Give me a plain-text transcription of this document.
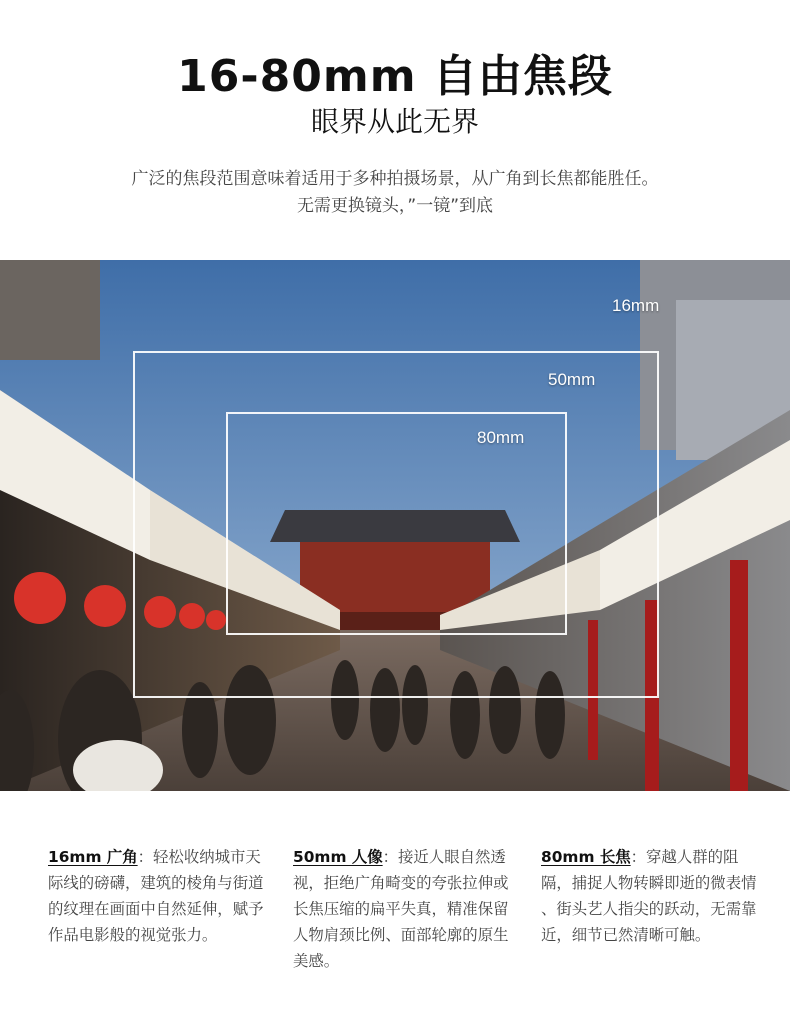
16-80mm 自由焦段
眼界从此无界
广泛的焦段范围意味着适用于多种拍摄场景，从广角到长焦都能胜任。
无需更换镜头，”一镜”到底
16mm
50mm
80mm
16mm 广角：轻松收纳城市天际线的磅礴，建筑的棱角与街道的纹理在画面中自然延伸，赋予作品电影般的视觉张力。
50mm 人像：接近人眼自然透视，拒绝广角畸变的夸张拉伸或长焦压缩的扁平失真，精准保留人物肩颈比例、面部轮廓的原生美感。
80mm 长焦：穿越人群的阻隔，捕捉人物转瞬即逝的微表情 、街头艺人指尖的跃动，无需靠近，细节已然清晰可触。
